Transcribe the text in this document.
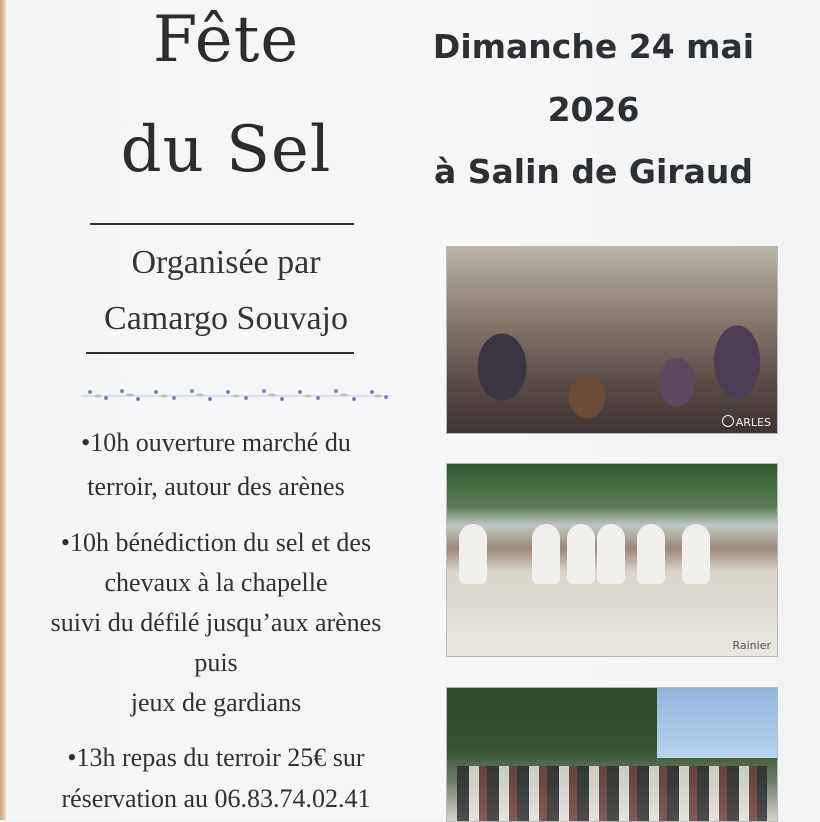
Fête
du Sel
Organisée par
Camargo Souvajo
•10h ouverture marché du
terroir, autour des arènes
•10h bénédiction du sel et des
chevaux à la chapelle
suivi du défilé jusqu’aux arènes
puis
jeux de gardians
•13h repas du terroir 25€ sur
réservation au 06.83.74.02.41
Dimanche 24 mai
2026
à Salin de Giraud
ARLES
Rainier
